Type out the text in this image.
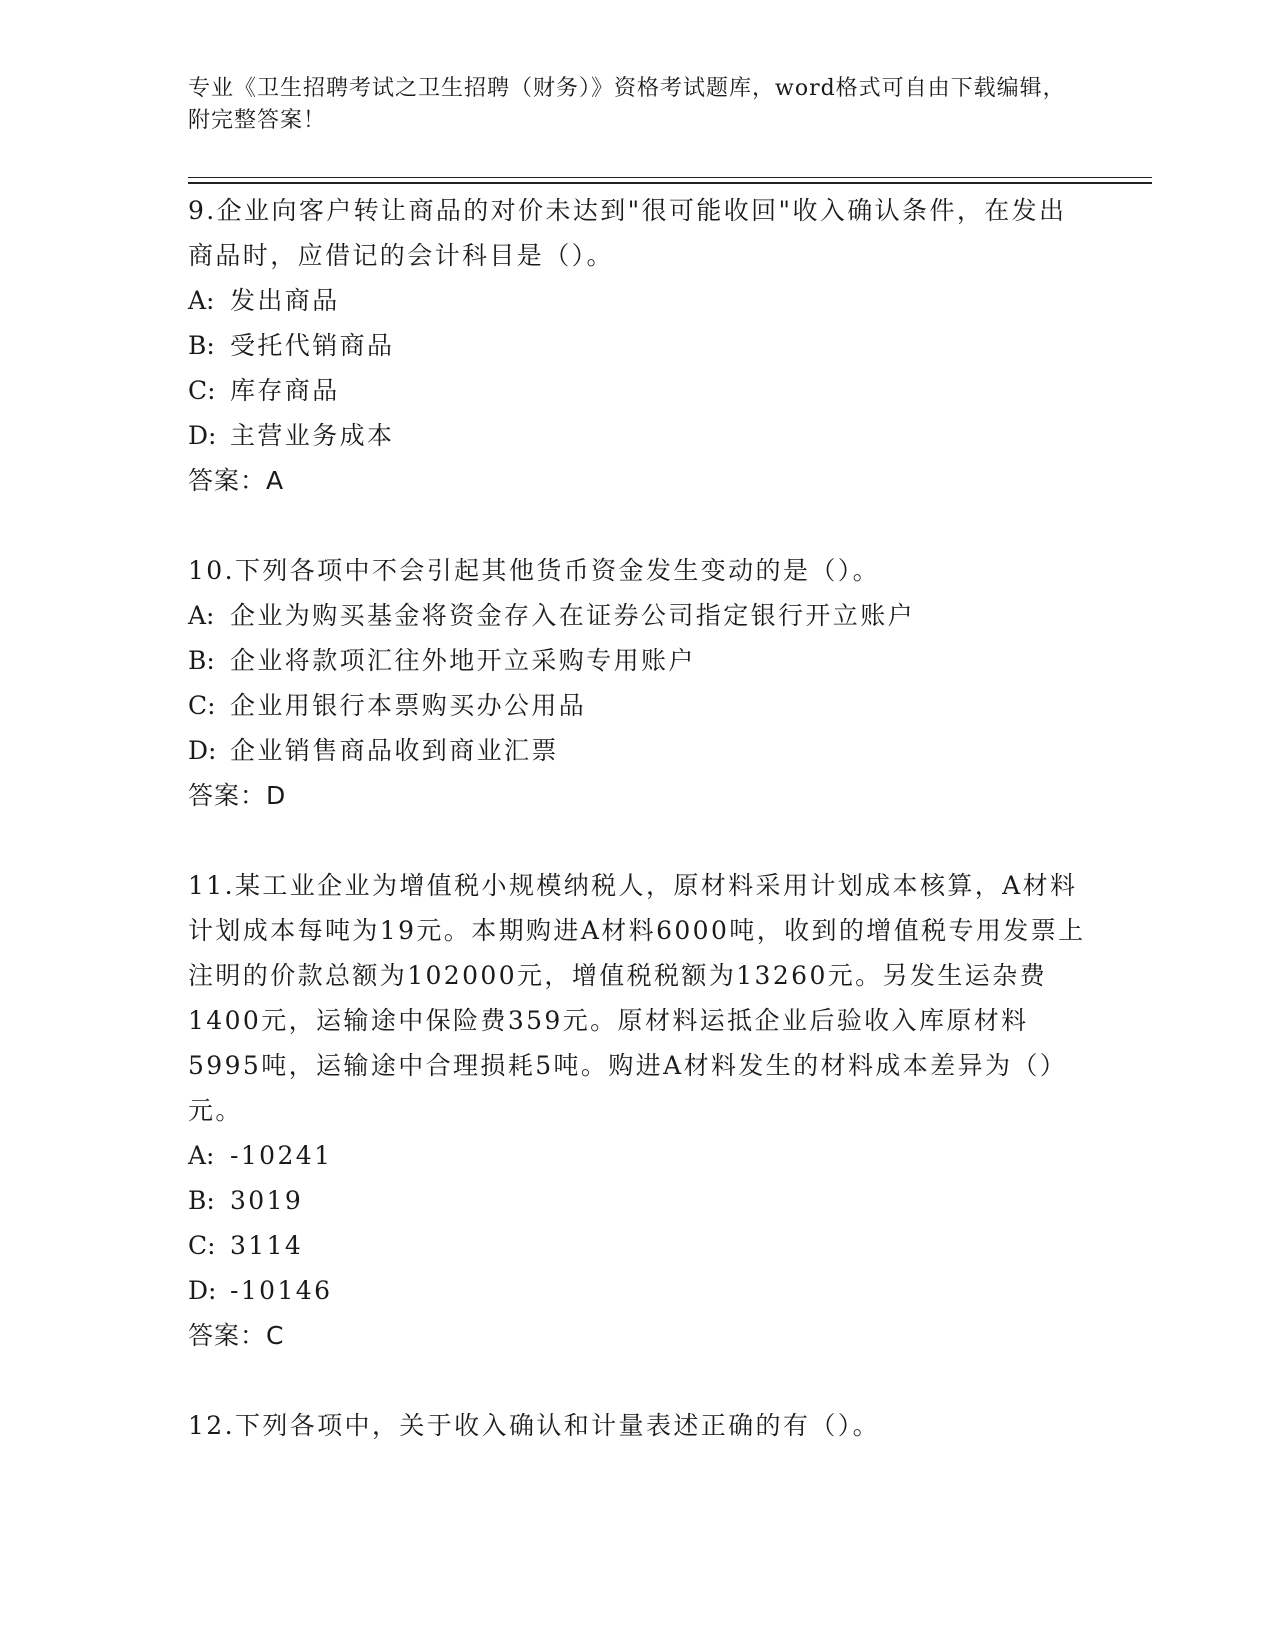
专业《卫生招聘考试之卫生招聘（财务）》资格考试题库，word格式可自由下载编辑，附完整答案！
9.企业向客户转让商品的对价未达到"很可能收回"收入确认条件，在发出商品时，应借记的会计科目是（）。
A: 发出商品
B: 受托代销商品
C: 库存商品
D: 主营业务成本
答案：A
10.下列各项中不会引起其他货币资金发生变动的是（）。
A: 企业为购买基金将资金存入在证券公司指定银行开立账户
B: 企业将款项汇往外地开立采购专用账户
C: 企业用银行本票购买办公用品
D: 企业销售商品收到商业汇票
答案：D
11.某工业企业为增值税小规模纳税人，原材料采用计划成本核算，A材料计划成本每吨为19元。本期购进A材料6000吨，收到的增值税专用发票上注明的价款总额为102000元，增值税税额为13260元。另发生运杂费1400元，运输途中保险费359元。原材料运抵企业后验收入库原材料5995吨，运输途中合理损耗5吨。购进A材料发生的材料成本差异为（）元。
A: -10241
B: 3019
C: 3114
D: -10146
答案：C
12.下列各项中，关于收入确认和计量表述正确的有（）。
